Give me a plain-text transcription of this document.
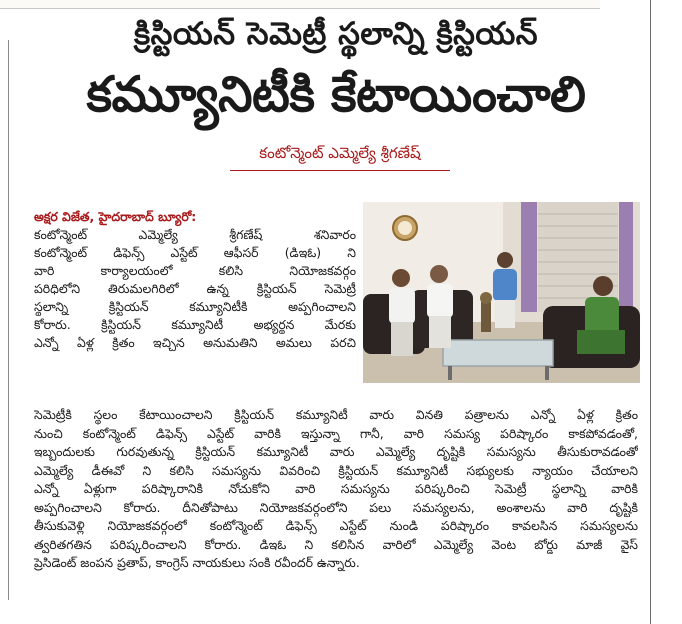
క్రిస్టియన్ సెమెట్రీ స్థలాన్ని క్రిస్టియన్
కమ్యూనిటీకి కేటాయించాలి
కంటోన్మెంట్ ఎమ్మెల్యే శ్రీగణేష్
అక్షర విజేత, హైదరాబాద్ బ్యూరో:
కంటోన్మెంట్ ఎమ్మెల్యే శ్రీగణేష్ శనివారం
కంటోన్మెంట్ డిఫెన్స్ ఎస్టేట్ ఆఫీసర్ (డిఇఓ) ని
వారి కార్యాలయంలో కలిసి నియోజకవర్గం
పరిధిలోని తిరుమలగిరిలో ఉన్న క్రిస్టియన్ సెమెట్రీ
స్థలాన్ని క్రిస్టియన్ కమ్యూనిటీకి అప్పగించాలని
కోరారు. క్రిస్టియన్ కమ్యూనిటీ అభ్యర్థన మేరకు
ఎన్నో ఏళ్ల క్రితం ఇచ్చిన అనుమతిని అమలు పరచి
సెమెట్రీకి స్థలం కేటాయించాలని క్రిస్టియన్ కమ్యూనిటీ వారు వినతి పత్రాలను ఎన్నో ఏళ్ల క్రితం
నుంచి కంటోన్మెంట్ డిఫెన్స్ ఎస్టేట్ వారికి ఇస్తున్నా గానీ, వారి సమస్య పరిష్కారం కాకపోవడంతో,
ఇబ్బందులకు గురవుతున్న క్రిస్టియన్ కమ్యూనిటీ వారు ఎమ్మెల్యే దృష్టికి సమస్యను తీసుకురావడంతో
ఎమ్మెల్యే డీఈవో ని కలిసి సమస్యను వివరించి క్రిస్టియన్ కమ్యూనిటీ సభ్యులకు న్యాయం చేయాలని
ఎన్నో ఏళ్లుగా పరిష్కారానికి నోచుకోని వారి సమస్యను పరిష్కరించి సెమెట్రీ స్థలాన్ని వారికి
అప్పగించాలని కోరారు. దీనితోపాటు నియోజకవర్గంలోని పలు సమస్యలను, అంశాలను వారి దృష్టికి
తీసుకువెళ్లి నియోజకవర్గంలో కంటోన్మెంట్ డిఫెన్స్ ఎస్టేట్ నుండి పరిష్కారం కావలసిన సమస్యలను
త్వరితగతిన పరిష్కరించాలని కోరారు. డిఇఓ ని కలిసిన వారిలో ఎమ్మెల్యే వెంట బోర్డు మాజీ వైస్
ప్రెసిడెంట్ జంపన ప్రతాప్, కాంగ్రెస్ నాయకులు సంకి రవీందర్ ఉన్నారు.
